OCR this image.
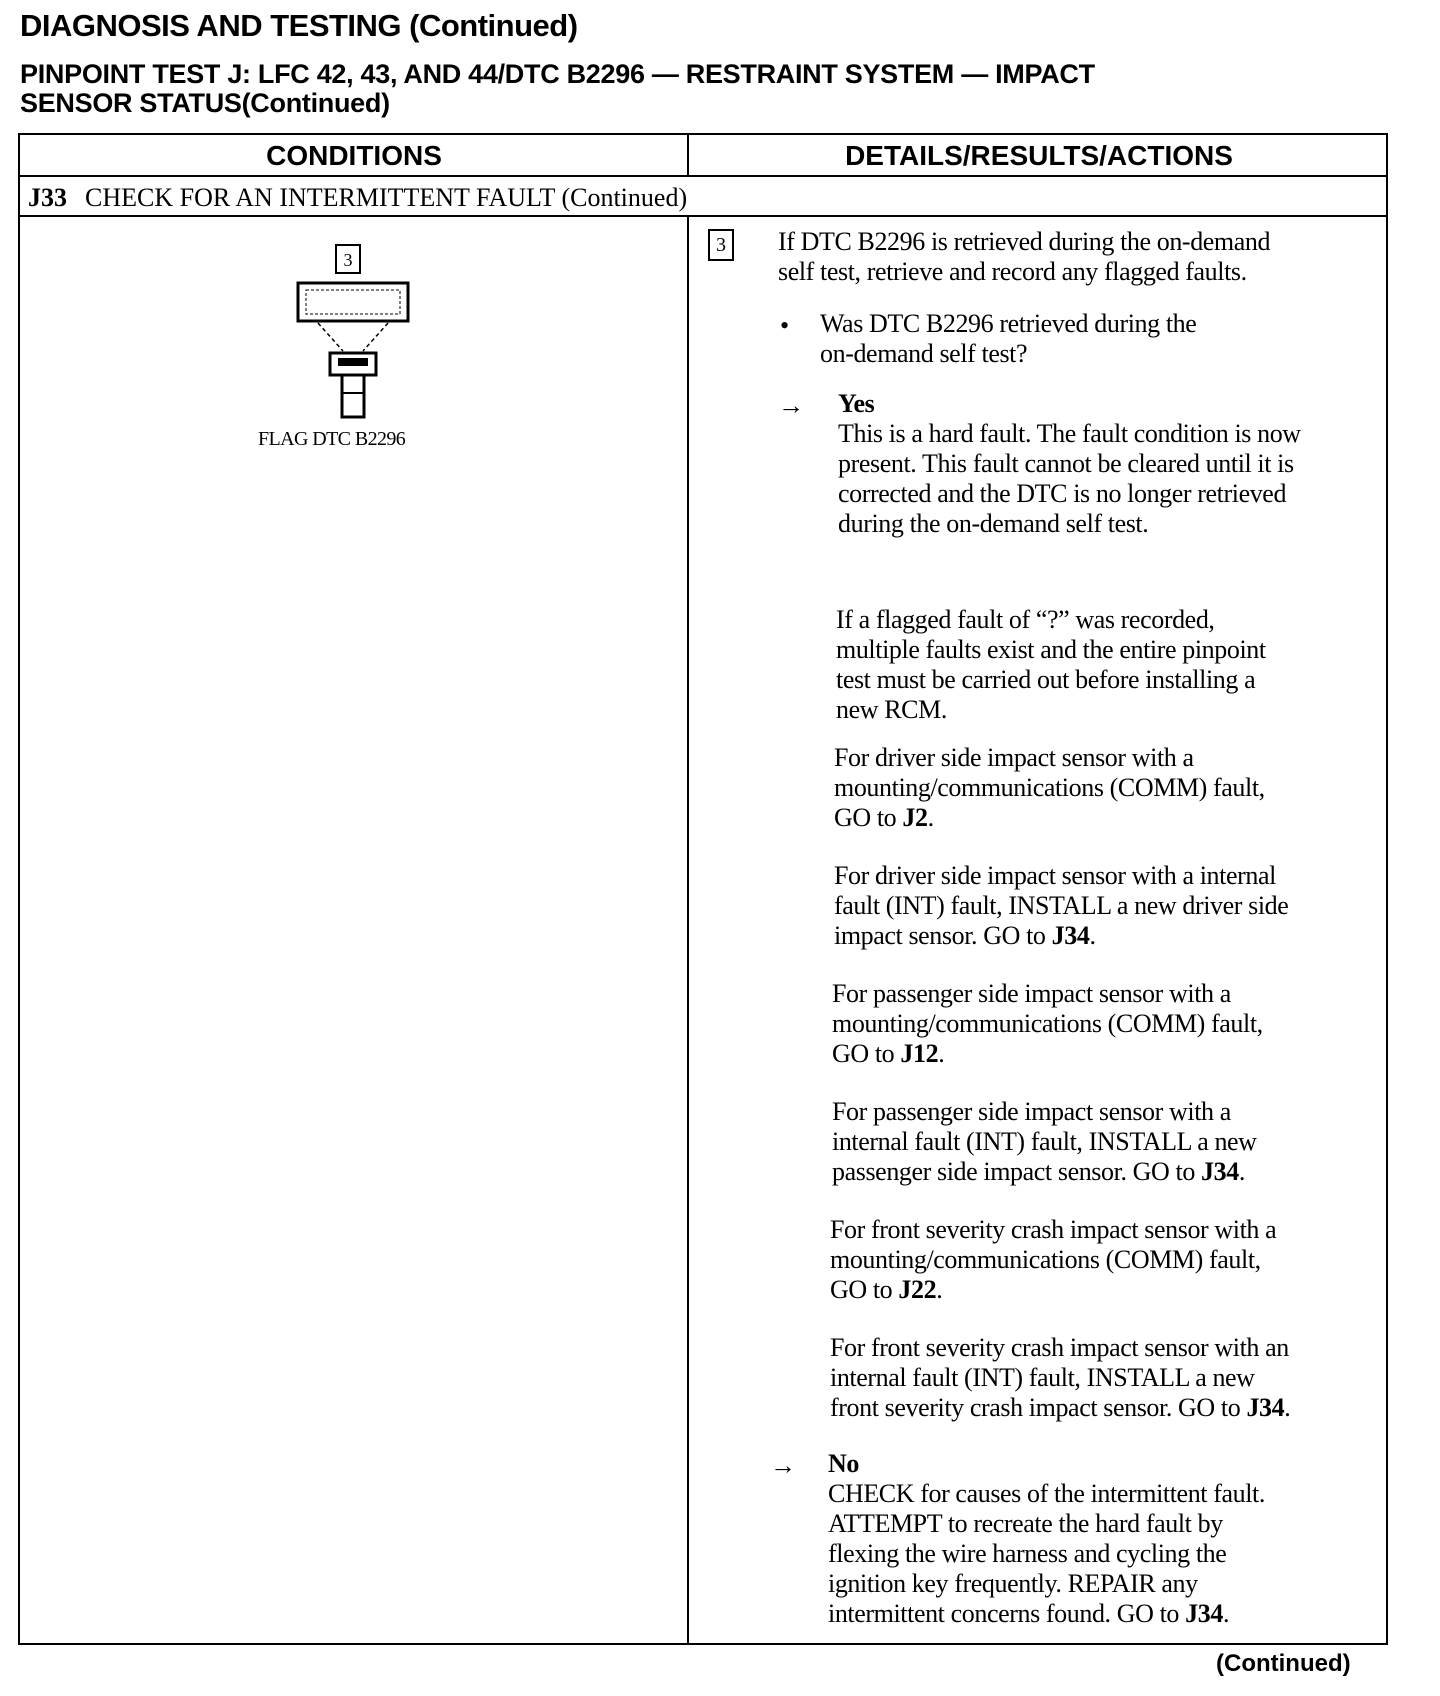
DIAGNOSIS AND TESTING (Continued)
PINPOINT TEST J: LFC 42, 43, AND 44/DTC B2296 — RESTRAINT SYSTEM — IMPACT
SENSOR STATUS(Continued)
CONDITIONS	DETAILS/RESULTS/ACTIONS
J33 CHECK FOR AN INTERMITTENT FAULT (Continued)
3
FLAG DTC B2296
3	If DTC B2296 is retrieved during the on-demand
self test, retrieve and record any flagged faults.
• Was DTC B2296 retrieved during the
on-demand self test?
→ Yes
This is a hard fault. The fault condition is now
present. This fault cannot be cleared until it is
corrected and the DTC is no longer retrieved
during the on-demand self test.
If a flagged fault of “?” was recorded,
multiple faults exist and the entire pinpoint
test must be carried out before installing a
new RCM.
For driver side impact sensor with a
mounting/communications (COMM) fault,
GO to J2.
For driver side impact sensor with a internal
fault (INT) fault, INSTALL a new driver side
impact sensor. GO to J34.
For passenger side impact sensor with a
mounting/communications (COMM) fault,
GO to J12.
For passenger side impact sensor with a
internal fault (INT) fault, INSTALL a new
passenger side impact sensor. GO to J34.
For front severity crash impact sensor with a
mounting/communications (COMM) fault,
GO to J22.
For front severity crash impact sensor with an
internal fault (INT) fault, INSTALL a new
front severity crash impact sensor. GO to J34.
→ No
CHECK for causes of the intermittent fault.
ATTEMPT to recreate the hard fault by
flexing the wire harness and cycling the
ignition key frequently. REPAIR any
intermittent concerns found. GO to J34.
(Continued)
